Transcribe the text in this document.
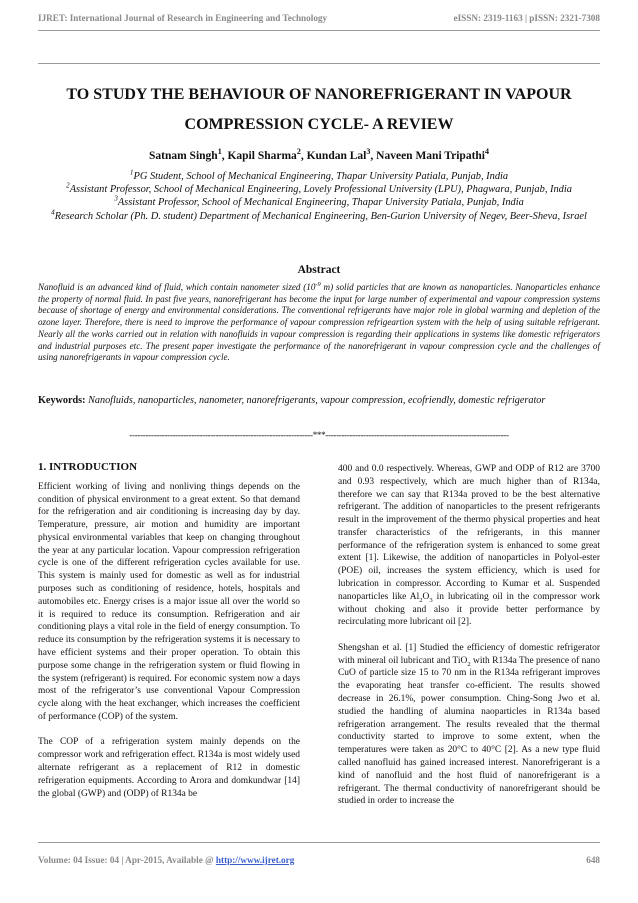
IJRET: International Journal of Research in Engineering and Technology	eISSN: 2319-1163 | pISSN: 2321-7308
TO STUDY THE BEHAVIOUR OF NANOREFRIGERANT IN VAPOUR
COMPRESSION CYCLE- A REVIEW
Satnam Singh$^1$, Kapil Sharma$^2$, Kundan Lal$^3$, Naveen Mani Tripathi$^4$
$^1$PG Student, School of Mechanical Engineering, Thapar University Patiala, Punjab, India
$^2$Assistant Professor, School of Mechanical Engineering, Lovely Professional University (LPU), Phagwara, Punjab, India
$^3$Assistant Professor, School of Mechanical Engineering, Thapar University Patiala, Punjab, India
$^4$Research Scholar (Ph. D. student) Department of Mechanical Engineering, Ben-Gurion University of Negev, Beer-Sheva, Israel
Abstract

Nanofluid is an advanced kind of fluid, which contain nanometer sized ($10^{-9}$ m) solid particles that are known as nanoparticles. Nanoparticles enhance the property of normal fluid. In past five years, nanorefrigerant has become the input for large number of experimental and vapour compression systems because of shortage of energy and environmental considerations. The conventional refrigerants have major role in global warming and depletion of the ozone layer. Therefore, there is need to improve the performance of vapour compression refrigeartion system with the help of using suitable refrigerant. Nearly all the works carried out in relation with nanofluids in vapour compression is regarding their applications in systems like domestic refrigerators and industrial purposes etc. The present paper investigate the performance of the nanorefrigerant in vapour compression cycle and the challenges of using nanorefrigerants in vapour compression cycle.

Keywords: Nanofluids, nanoparticles, nanometer, nanorefrigerants, vapour compression, ecofriendly, domestic refrigerator

--------------------------------------------------------------------***--------------------------------------------------------------------
1. INTRODUCTION

Efficient working of living and nonliving things depends on the condition of physical environment to a great extent. So that demand for the refrigeration and air conditioning is increasing day by day. Temperature, pressure, air motion and humidity are important physical environmental variables that keep on changing throughout the year at any particular location. Vapour compression refrigeration cycle is one of the different refrigeration cycles available for use. This system is mainly used for domestic as well as for industrial purposes such as conditioning of residence, hotels, hospitals and automobiles etc. Energy crises is a major issue all over the world so it is required to reduce its consumption. Refrigeration and air conditioning plays a vital role in the field of energy consumption. To reduce its consumption by the refrigeration systems it is necessary to have efficient systems and their proper operation. To obtain this purpose some change in the refrigeration system or fluid flowing in the system (refrigerant) is required. For economic system now a days most of the refrigerator’s use conventional Vapour Compression cycle along with the heat exchanger, which increases the coefficient of performance (COP) of the system.

The COP of a refrigeration system mainly depends on the compressor work and refrigeration effect. R134a is most widely used alternate refrigerant as a replacement of R12 in domestic refrigeration equipments. According to Arora and domkundwar [14] the global (GWP) and (ODP) of R134a be

400 and 0.0 respectively. Whereas, GWP and ODP of R12 are 3700 and 0.93 respectively, which are much higher than of R134a, therefore we can say that R134a proved to be the best alternative refrigerant. The addition of nanoparticles to the present refrigerants result in the improvement of the thermo physical properties and heat transfer characteristics of the refrigerants, in this manner performance of the refrigeration system is enhanced to some great extent [1]. Likewise, the addition of nanoparticles in Polyol-ester (POE) oil, increases the system efficiency, which is used for lubrication in compressor. According to Kumar et al. Suspended nanoparticles like $Al_2O_3$ in lubricating oil in the compressor work without choking and also it provide better performance by recirculating more lubricant oil [2].

Shengshan et al. [1] Studied the efficiency of domestic refrigerator with mineral oil lubricant and TiO$_2$ with R134a The presence of nano CuO of particle size 15 to 70 nm in the R134a refrigerant improves the evaporating heat transfer co-efficient. The results showed decrease in 26.1%, power consumption. Ching-Song Jwo et al. studied the handling of alumina naoparticles in R134a based refrigeration arrangement. The results revealed that the thermal conductivity started to improve to some extent, when the temperatures were taken as 20°C to 40°C [2]. As a new type fluid called nanofluid has gained increased interest. Nanorefrigerant is a kind of nanofluid and the host fluid of nanorefrigerant is a refrigerant. The thermal conductivity of nanorefrigerant should be studied in order to increase the

Volume: 04 Issue: 04 | Apr-2015, Available @ http://www.ijret.org	648
